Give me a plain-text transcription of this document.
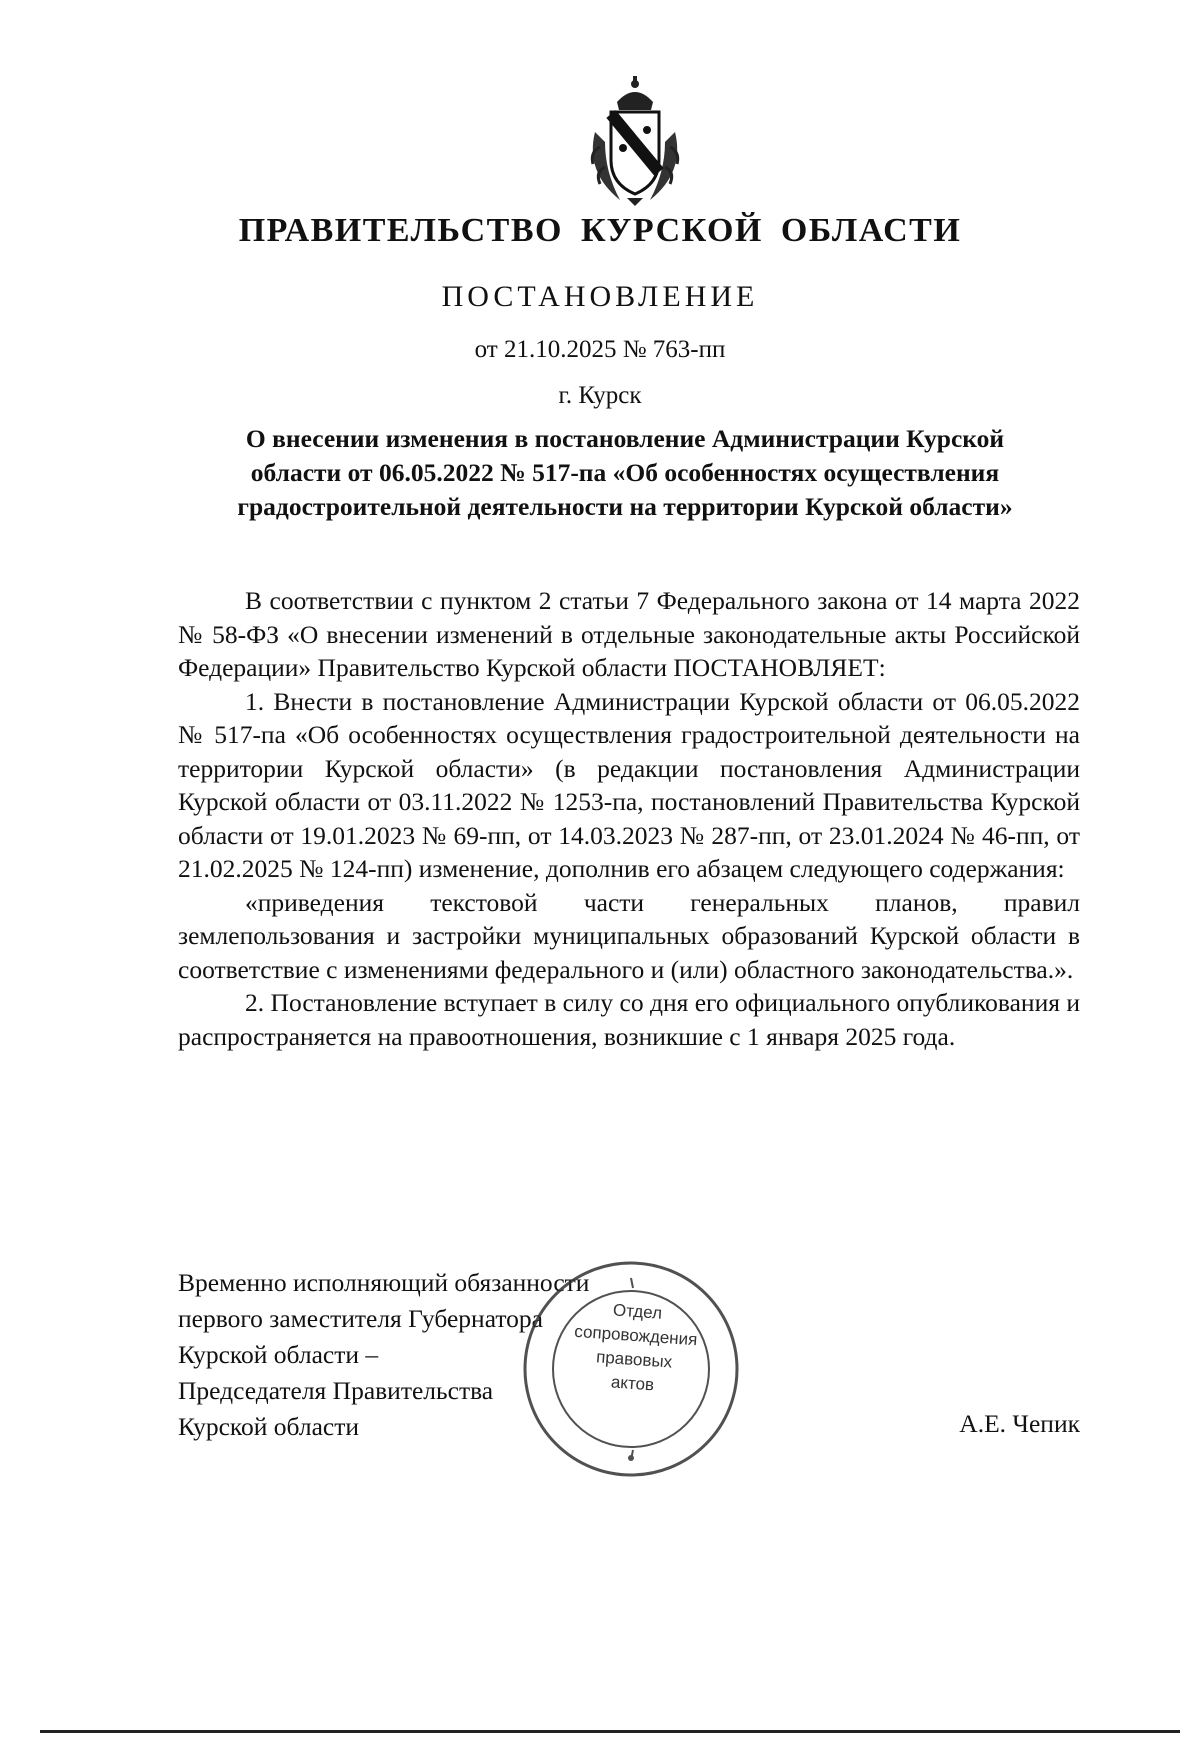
ПРАВИТЕЛЬСТВО КУРСКОЙ ОБЛАСТИ
ПОСТАНОВЛЕНИЕ
от 21.10.2025 № 763-пп
г. Курск
О внесении изменения в постановление Администрации Курской
области от 06.05.2022 № 517-па «Об особенностях осуществления
градостроительной деятельности на территории Курской области»

В соответствии с пунктом 2 статьи 7 Федерального закона от 14 марта 2022 № 58-ФЗ «О внесении изменений в отдельные законодательные акты Российской Федерации» Правительство Курской области ПОСТАНОВЛЯЕТ:

1. Внести в постановление Администрации Курской области от 06.05.2022 № 517-па «Об особенностях осуществления градостроительной деятельности на территории Курской области» (в редакции постановления Администрации Курской области от 03.11.2022 № 1253-па, постановлений Правительства Курской области от 19.01.2023 № 69-пп, от 14.03.2023 № 287-пп, от 23.01.2024 № 46-пп, от 21.02.2025 № 124-пп) изменение, дополнив его абзацем следующего содержания:

«приведения текстовой части генеральных планов, правил землепользования и застройки муниципальных образований Курской области в соответствие с изменениями федерального и (или) областного законодательства.».

2. Постановление вступает в силу со дня его официального опубликования и распространяется на правоотношения, возникшие с 1 января 2025 года.

Временно исполняющий обязанности
первого заместителя Губернатора
Курской области –
Председателя Правительства
Курской области
Отдел
сопровождения
правовых
актов
А.Е. Чепик
